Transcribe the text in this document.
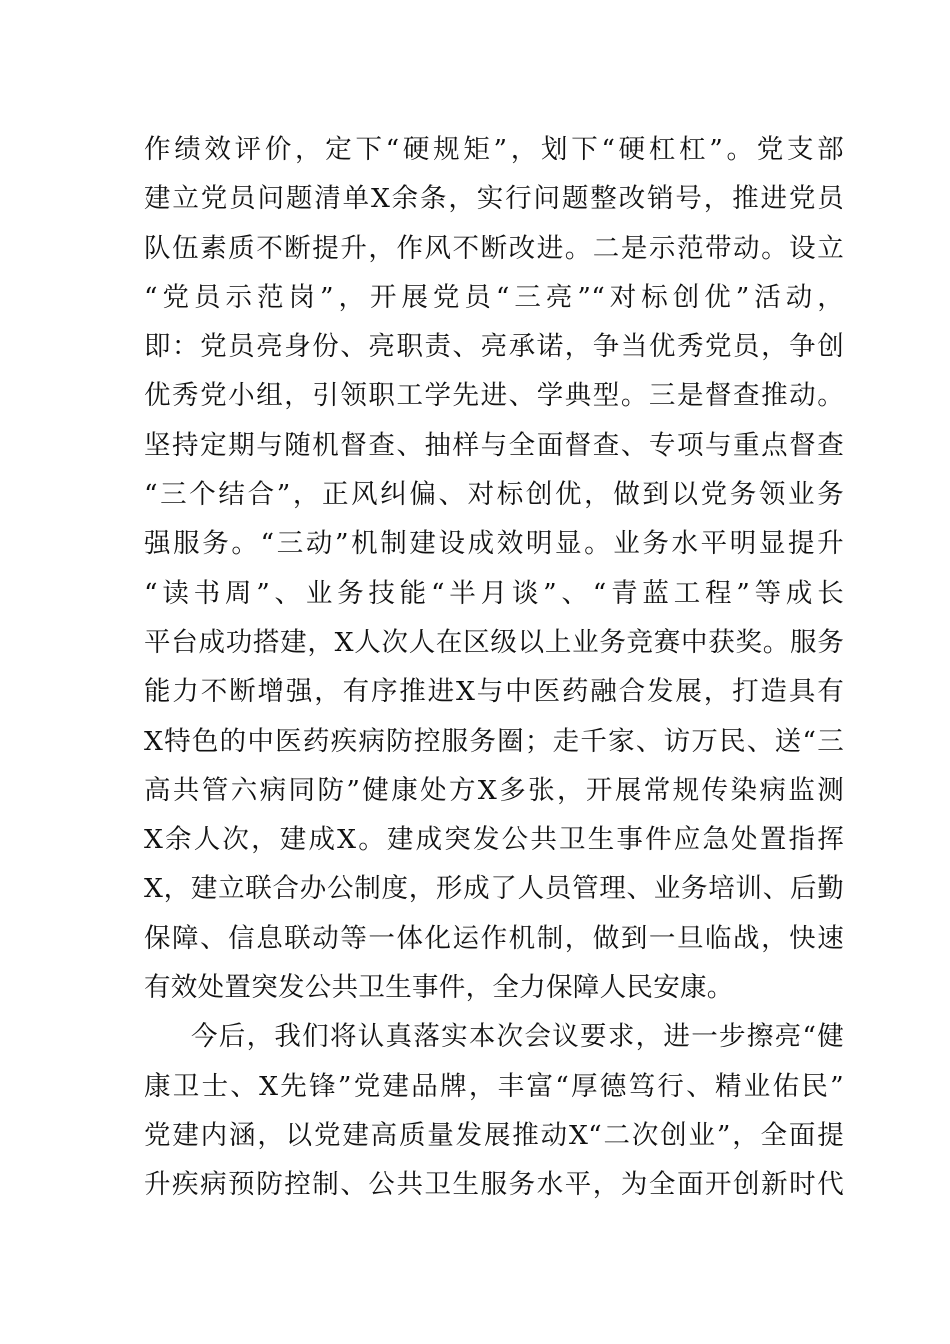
作绩效评价，定下“硬规矩”，划下“硬杠杠”。党支部
建立党员问题清单X余条，实行问题整改销号，推进党员
队伍素质不断提升，作风不断改进。二是示范带动。设立
“党员示范岗”，开展党员“三亮”“对标创优”活动，
即：党员亮身份、亮职责、亮承诺，争当优秀党员，争创
优秀党小组，引领职工学先进、学典型。三是督查推动。
坚持定期与随机督查、抽样与全面督查、专项与重点督查
“三个结合”，正风纠偏、对标创优，做到以党务领业务
强服务。“三动”机制建设成效明显。业务水平明显提升
“读书周”、业务技能“半月谈”、“青蓝工程”等成长
平台成功搭建，X人次人在区级以上业务竞赛中获奖。服务
能力不断增强，有序推进X与中医药融合发展，打造具有
X特色的中医药疾病防控服务圈；走千家、访万民、送“三
高共管六病同防”健康处方X多张，开展常规传染病监测
X余人次，建成X。建成突发公共卫生事件应急处置指挥
X，建立联合办公制度，形成了人员管理、业务培训、后勤
保障、信息联动等一体化运作机制，做到一旦临战，快速
有效处置突发公共卫生事件，全力保障人民安康。
今后，我们将认真落实本次会议要求，进一步擦亮“健
康卫士、X先锋”党建品牌，丰富“厚德笃行、精业佑民”
党建内涵，以党建高质量发展推动X“二次创业”，全面提
升疾病预防控制、公共卫生服务水平，为全面开创新时代
